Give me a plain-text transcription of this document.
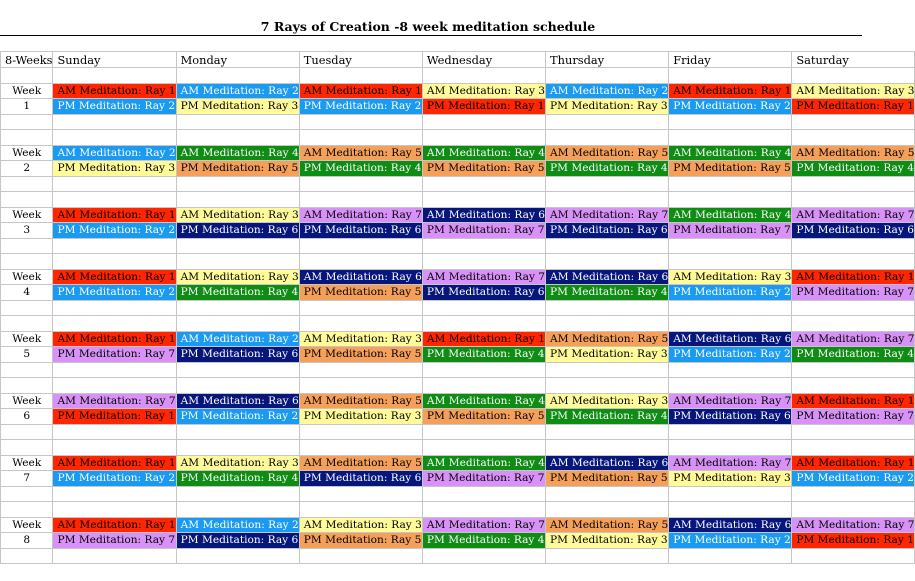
7 Rays of Creation -8 week meditation schedule
8-Weeks	Sunday	Monday	Tuesday	Wednesday	Thursday	Friday	Saturday

Week	AM Meditation: Ray 1	AM Meditation: Ray 2	AM Meditation: Ray 1	AM Meditation: Ray 3	AM Meditation: Ray 2	AM Meditation: Ray 1	AM Meditation: Ray 3
1	PM Meditation: Ray 2	PM Meditation: Ray 3	PM Meditation: Ray 2	PM Meditation: Ray 1	PM Meditation: Ray 3	PM Meditation: Ray 2	PM Meditation: Ray 1

Week	AM Meditation: Ray 2	AM Meditation: Ray 4	AM Meditation: Ray 5	AM Meditation: Ray 4	AM Meditation: Ray 5	AM Meditation: Ray 4	AM Meditation: Ray 5
2	PM Meditation: Ray 3	PM Meditation: Ray 5	PM Meditation: Ray 4	PM Meditation: Ray 5	PM Meditation: Ray 4	PM Meditation: Ray 5	PM Meditation: Ray 4

Week	AM Meditation: Ray 1	AM Meditation: Ray 3	AM Meditation: Ray 7	AM Meditation: Ray 6	AM Meditation: Ray 7	AM Meditation: Ray 4	AM Meditation: Ray 7
3	PM Meditation: Ray 2	PM Meditation: Ray 6	PM Meditation: Ray 6	PM Meditation: Ray 7	PM Meditation: Ray 6	PM Meditation: Ray 7	PM Meditation: Ray 6

Week	AM Meditation: Ray 1	AM Meditation: Ray 3	AM Meditation: Ray 6	AM Meditation: Ray 7	AM Meditation: Ray 6	AM Meditation: Ray 3	AM Meditation: Ray 1
4	PM Meditation: Ray 2	PM Meditation: Ray 4	PM Meditation: Ray 5	PM Meditation: Ray 6	PM Meditation: Ray 4	PM Meditation: Ray 2	PM Meditation: Ray 7

Week	AM Meditation: Ray 1	AM Meditation: Ray 2	AM Meditation: Ray 3	AM Meditation: Ray 1	AM Meditation: Ray 5	AM Meditation: Ray 6	AM Meditation: Ray 7
5	PM Meditation: Ray 7	PM Meditation: Ray 6	PM Meditation: Ray 5	PM Meditation: Ray 4	PM Meditation: Ray 3	PM Meditation: Ray 2	PM Meditation: Ray 4

Week	AM Meditation: Ray 7	AM Meditation: Ray 6	AM Meditation: Ray 5	AM Meditation: Ray 4	AM Meditation: Ray 3	AM Meditation: Ray 7	AM Meditation: Ray 1
6	PM Meditation: Ray 1	PM Meditation: Ray 2	PM Meditation: Ray 3	PM Meditation: Ray 5	PM Meditation: Ray 4	PM Meditation: Ray 6	PM Meditation: Ray 7

Week	AM Meditation: Ray 1	AM Meditation: Ray 3	AM Meditation: Ray 5	AM Meditation: Ray 4	AM Meditation: Ray 6	AM Meditation: Ray 7	AM Meditation: Ray 1
7	PM Meditation: Ray 2	PM Meditation: Ray 4	PM Meditation: Ray 6	PM Meditation: Ray 7	PM Meditation: Ray 5	PM Meditation: Ray 3	PM Meditation: Ray 2

Week	AM Meditation: Ray 1	AM Meditation: Ray 2	AM Meditation: Ray 3	AM Meditation: Ray 7	AM Meditation: Ray 5	AM Meditation: Ray 6	AM Meditation: Ray 7
8	PM Meditation: Ray 7	PM Meditation: Ray 6	PM Meditation: Ray 5	PM Meditation: Ray 4	PM Meditation: Ray 3	PM Meditation: Ray 2	PM Meditation: Ray 1
